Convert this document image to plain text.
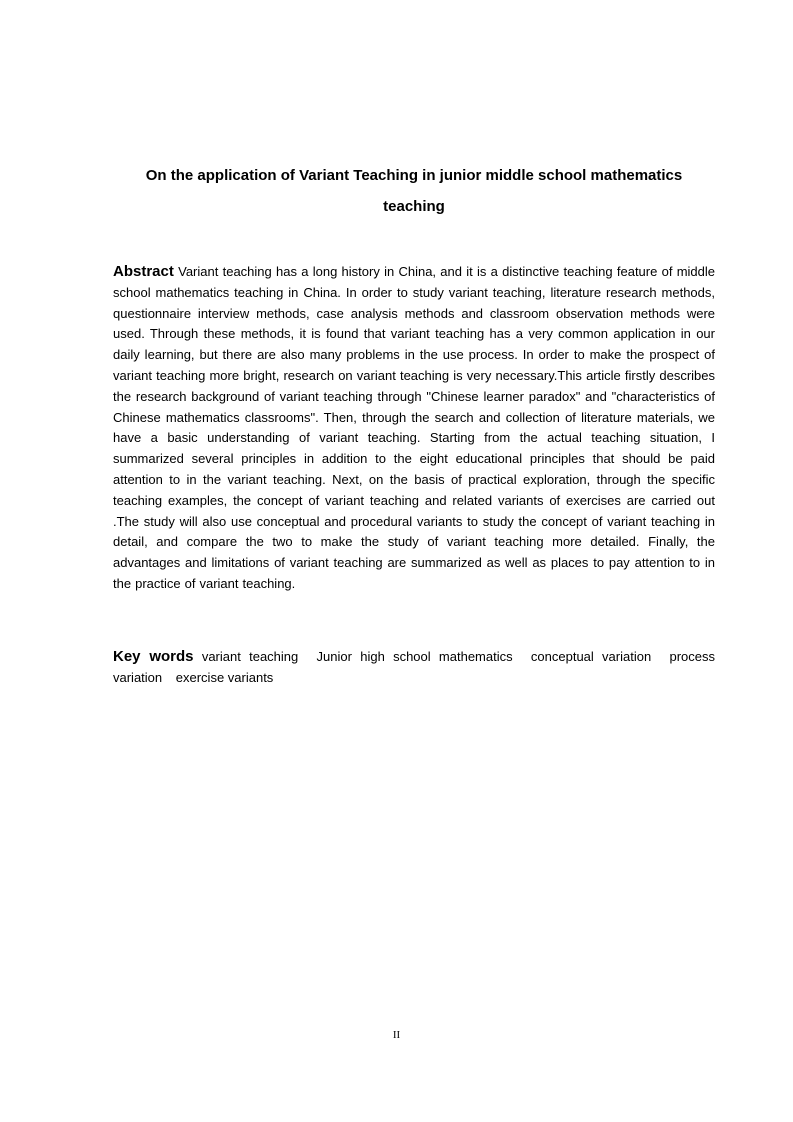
On the application of Variant Teaching in junior middle school mathematics teaching
Abstract Variant teaching has a long history in China, and it is a distinctive teaching feature of middle school mathematics teaching in China. In order to study variant teaching, literature research methods, questionnaire interview methods, case analysis methods and classroom observation methods were used. Through these methods, it is found that variant teaching has a very common application in our daily learning, but there are also many problems in the use process. In order to make the prospect of variant teaching more bright, research on variant teaching is very necessary.This article firstly describes the research background of variant teaching through "Chinese learner paradox" and "characteristics of Chinese mathematics classrooms". Then, through the search and collection of literature materials, we have a basic understanding of variant teaching. Starting from the actual teaching situation, I summarized several principles in addition to the eight educational principles that should be paid attention to in the variant teaching. Next, on the basis of practical exploration, through the specific teaching examples, the concept of variant teaching and related variants of exercises are carried out .The study will also use conceptual and procedural variants to study the concept of variant teaching in detail, and compare the two to make the study of variant teaching more detailed. Finally, the advantages and limitations of variant teaching are summarized as well as places to pay attention to in the practice of variant teaching.
Key words variant teaching Junior high school mathematics conceptual variation process variation exercise variants
II
